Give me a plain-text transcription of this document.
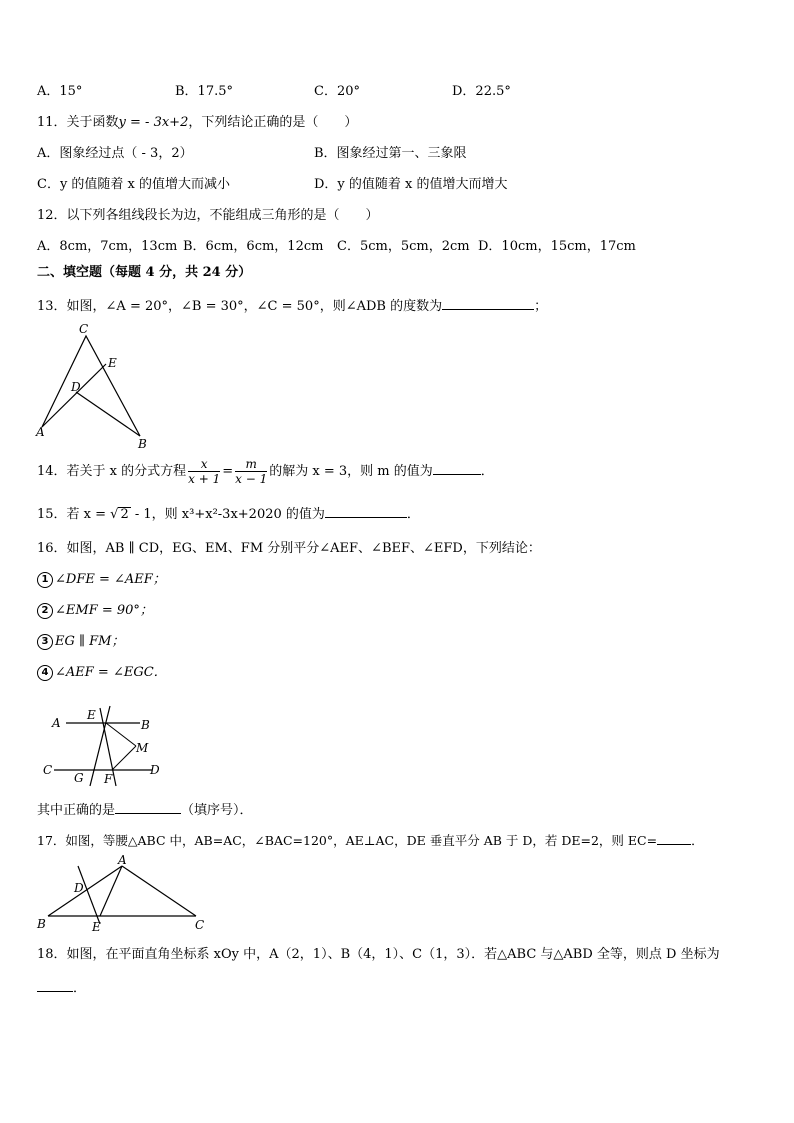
A．15°	B．17.5°	C．20°	D．22.5°
11．关于函数y = - 3x+2，下列结论正确的是（　　）
A．图象经过点（ - 3，2）	B．图象经过第一、三象限
C．y 的值随着 x 的值增大而减小	D．y 的值随着 x 的值增大而增大
12．以下列各组线段长为边，不能组成三角形的是（　　）
A．8cm，7cm，13cm B．6cm，6cm，12cm C．5cm，5cm，2cm D．10cm，15cm，17cm
二、填空题（每题 4 分，共 24 分）
13．如图，∠A = 20°，∠B = 30°，∠C = 50°，则∠ADB 的度数为	；
C
E
D
A
B
14．若关于 x 的分式方程 $\frac{x}{x + 1} = \frac{m}{x - 1}$ 的解为 x = 3，则 m 的值为	．
15．若 x = √ 2 - 1，则 x³+x²-3x+2020 的值为	．
16．如图，AB ∥ CD，EG、EM、FM 分别平分∠AEF、∠BEF、∠EFD，下列结论：
1 ∠DFE = ∠AEF；
2 ∠EMF = 90°；
3 EG ∥ FM；
4 ∠AEF = ∠EGC．
A
E
B
M
C
G F
D
其中正确的是	（填序号）．
17．如图，等腰△ABC 中，AB=AC，∠BAC=120°，AE⊥AC，DE 垂直平分 AB 于 D，若 DE=2，则 EC=	．
A
D
B	E	C
18．如图，在平面直角坐标系 xOy 中，A（2，1）、B（4，1）、C（1，3）．若△ABC 与△ABD 全等，则点 D 坐标为
．
